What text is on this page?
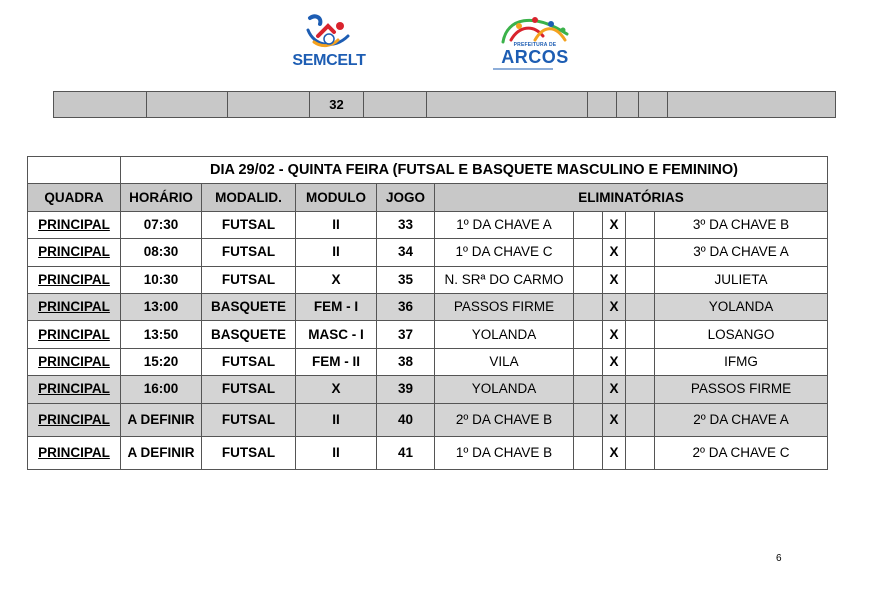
SEMCELT
PREFEITURA DE
ARCOS
			32						
	DIA 29/02 - QUINTA FEIRA (FUTSAL E BASQUETE MASCULINO E FEMININO)								
QUADRA	HORÁRIO	MODALID.	MODULO	JOGO	ELIMINATÓRIAS				
PRINCIPAL	07:30	FUTSAL	II	33	1º DA CHAVE A		X		3º DA CHAVE B
PRINCIPAL	08:30	FUTSAL	II	34	1º DA CHAVE C		X		3º DA CHAVE A
PRINCIPAL	10:30	FUTSAL	X	35	N. SRª DO CARMO		X		JULIETA
PRINCIPAL	13:00	BASQUETE	FEM - I	36	PASSOS FIRME		X		YOLANDA
PRINCIPAL	13:50	BASQUETE	MASC - I	37	YOLANDA		X		LOSANGO
PRINCIPAL	15:20	FUTSAL	FEM - II	38	VILA		X		IFMG
PRINCIPAL	16:00	FUTSAL	X	39	YOLANDA		X		PASSOS FIRME
PRINCIPAL	A DEFINIR	FUTSAL	II	40	2º DA CHAVE B		X		2º DA CHAVE A
PRINCIPAL	A DEFINIR	FUTSAL	II	41	1º DA CHAVE B		X		2º DA CHAVE C
6
